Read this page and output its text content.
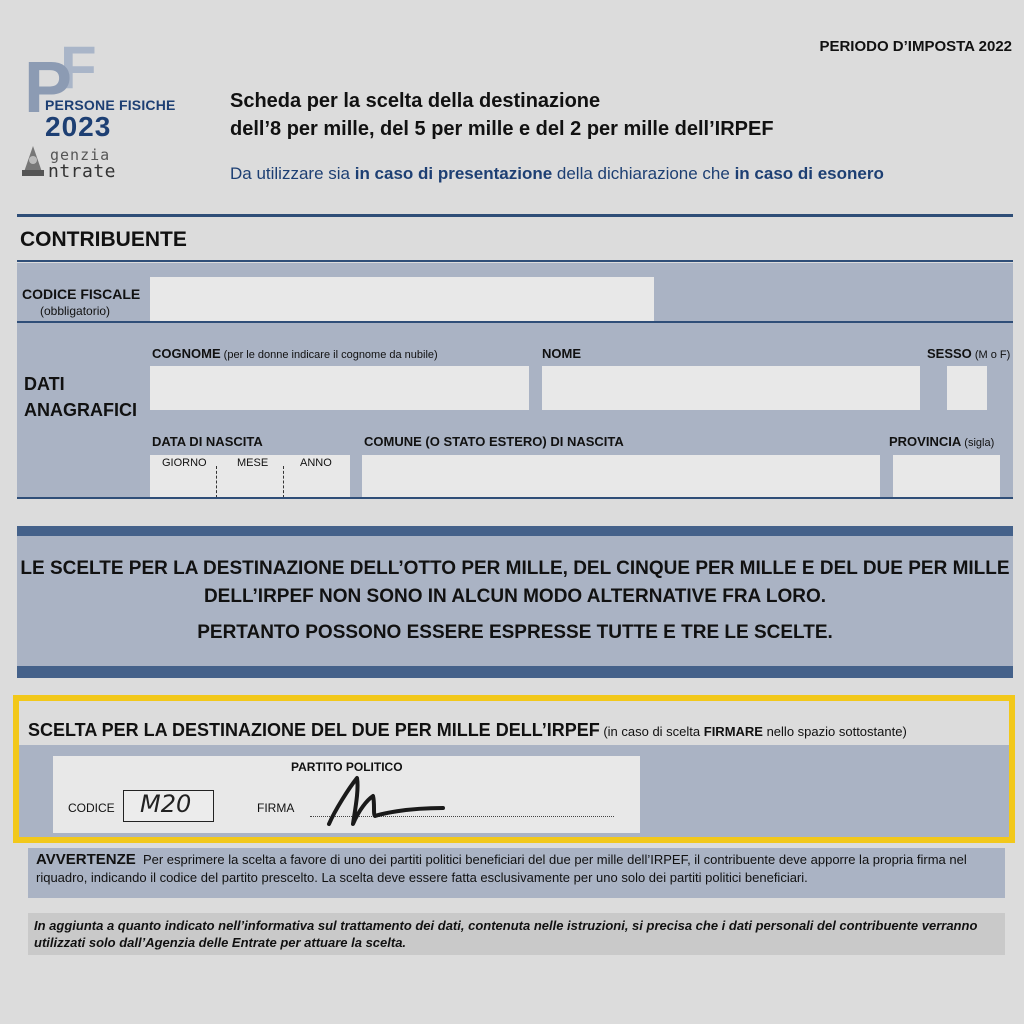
F
P
PERSONE FISICHE
2023
genzia
ntrate
PERIODO D’IMPOSTA 2022
Scheda per la scelta della destinazione
dell’8 per mille, del 5 per mille e del 2 per mille dell’IRPEF
Da utilizzare sia in caso di presentazione della dichiarazione che in caso di esonero
CONTRIBUENTE
CODICE FISCALE
(obbligatorio)
DATI
ANAGRAFICI
COGNOME (per le donne indicare il cognome da nubile)	NOME	SESSO (M o F)
DATA DI NASCITA
GIORNO	MESE	ANNO
COMUNE (O STATO ESTERO) DI NASCITA	PROVINCIA (sigla)
LE SCELTE PER LA DESTINAZIONE DELL’OTTO PER MILLE, DEL CINQUE PER MILLE E DEL DUE PER MILLE
DELL’IRPEF NON SONO IN ALCUN MODO ALTERNATIVE FRA LORO.
PERTANTO POSSONO ESSERE ESPRESSE TUTTE E TRE LE SCELTE.
SCELTA PER LA DESTINAZIONE DEL DUE PER MILLE DELL’IRPEF (in caso di scelta FIRMARE nello spazio sottostante)
PARTITO POLITICO
CODICE M20	FIRMA
AVVERTENZE Per esprimere la scelta a favore di uno dei partiti politici beneficiari del due per mille dell’IRPEF, il contribuente deve apporre la propria firma nel riquadro, indicando il codice del partito prescelto. La scelta deve essere fatta esclusivamente per uno solo dei partiti politici beneficiari.
In aggiunta a quanto indicato nell’informativa sul trattamento dei dati, contenuta nelle istruzioni, si precisa che i dati personali del contribuente verranno utilizzati solo dall’Agenzia delle Entrate per attuare la scelta.
